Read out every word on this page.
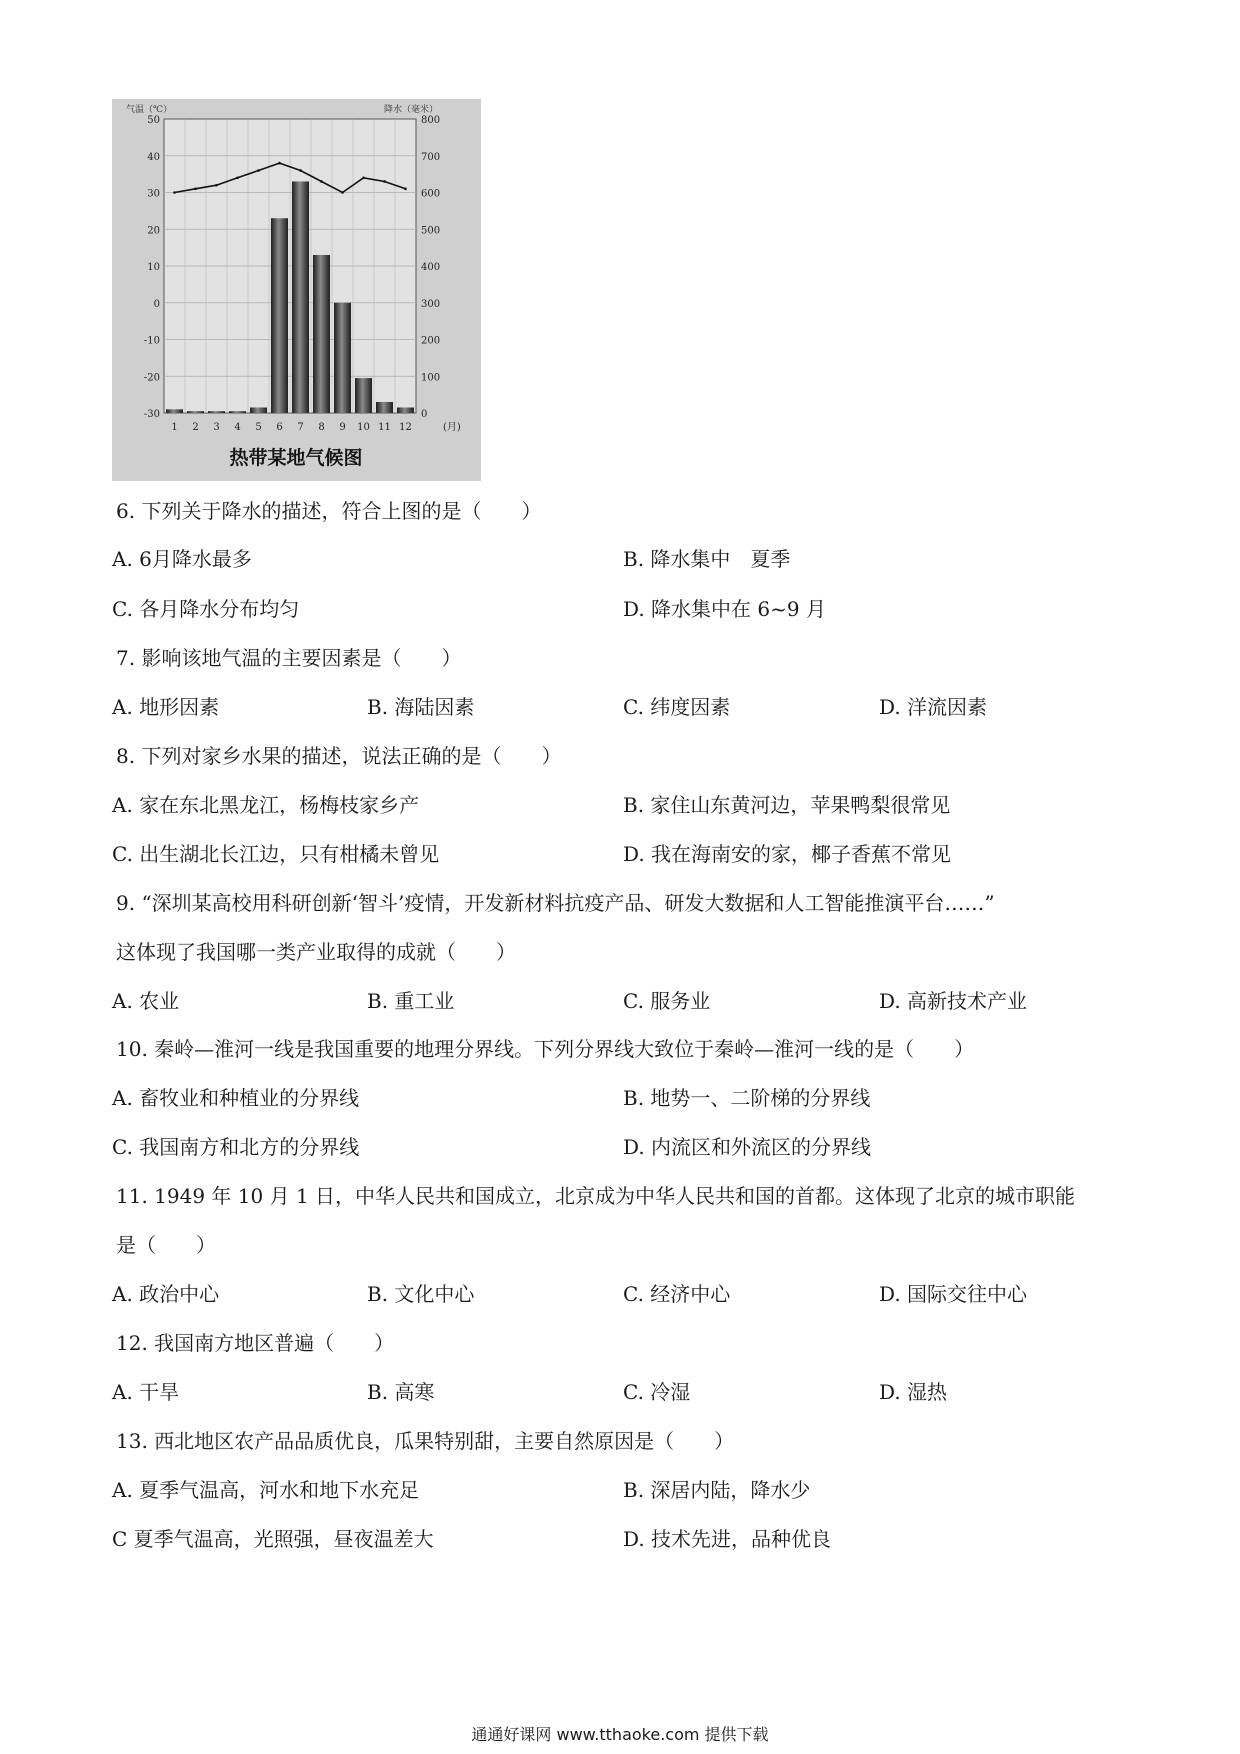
气温（℃）	降水（毫米）
50
40
30
20
10
0
-10
-20
-30
800
700
600
500
400
300
200
100
0
1 2 3 4 5 6 7 8 9 10 11 12	(月)
热带某地气候图
6. 下列关于降水的描述，符合上图的是（　　）
A. 6月降水最多	B. 降水集中　夏季
C. 各月降水分布均匀	D. 降水集中在 6~9 月
7. 影响该地气温的主要因素是（　　）
A. 地形因素	B. 海陆因素	C. 纬度因素	D. 洋流因素
8. 下列对家乡水果的描述，说法正确的是（　　）
A. 家在东北黑龙江，杨梅枝家乡产	B. 家住山东黄河边，苹果鸭梨很常见
C. 出生湖北长江边，只有柑橘未曾见	D. 我在海南安的家，椰子香蕉不常见
9. “深圳某高校用科研创新‘智斗’疫情，开发新材料抗疫产品、研发大数据和人工智能推演平台……”
这体现了我国哪一类产业取得的成就（　　）
A. 农业	B. 重工业	C. 服务业	D. 高新技术产业
10. 秦岭—淮河一线是我国重要的地理分界线。下列分界线大致位于秦岭—淮河一线的是（　　）
A. 畜牧业和种植业的分界线	B. 地势一、二阶梯的分界线
C. 我国南方和北方的分界线	D. 内流区和外流区的分界线
11. 1949 年 10 月 1 日，中华人民共和国成立，北京成为中华人民共和国的首都。这体现了北京的城市职能
是（　　）
A. 政治中心	B. 文化中心	C. 经济中心	D. 国际交往中心
12. 我国南方地区普遍（　　）
A. 干旱	B. 高寒	C. 冷湿	D. 湿热
13. 西北地区农产品品质优良，瓜果特别甜，主要自然原因是（　　）
A. 夏季气温高，河水和地下水充足	B. 深居内陆，降水少
C 夏季气温高，光照强，昼夜温差大	D. 技术先进，品种优良
通通好课网 www.tthaoke.com 提供下载
